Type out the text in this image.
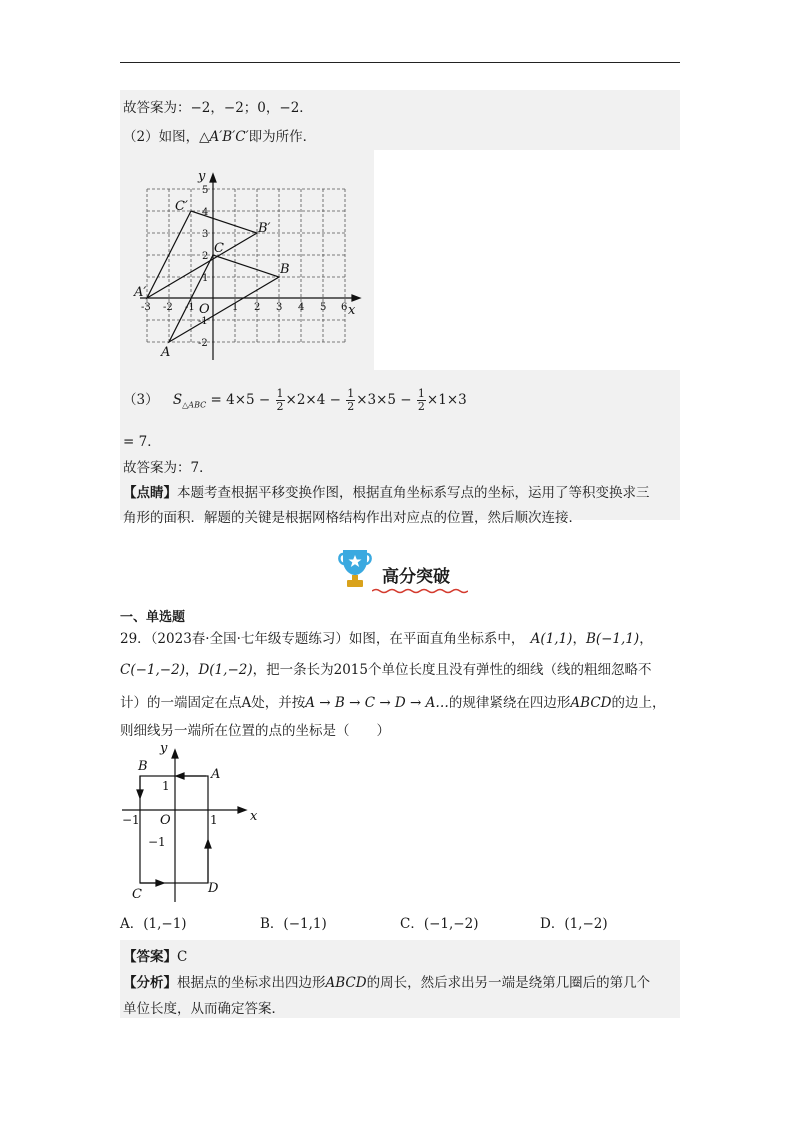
故答案为：−2，−2；0，−2．
（2）如图，△A′B′C′即为所作．
-3 -2 -1	1 2 3 4 5 6
5
4
3
2
1
-1
-2
y
x
O
A
B
C
A′
B′
C′
（3） $S_{\triangle ABC} = 4\times 5 - \frac{1}{2} \times 2\times 4 - \frac{1}{2} \times 3\times 5 - \frac{1}{2} \times 1\times 3$
= 7．
故答案为：7．
【点睛】本题考查根据平移变换作图，根据直角坐标系写点的坐标，运用了等积变换求三
角形的面积．解题的关键是根据网格结构作出对应点的位置，然后顺次连接．
高分突破
一、单选题
29．（2023春·全国·七年级专题练习）如图，在平面直角坐标系中， A(1,1)，B(−1,1)，
C(−1,−2)，D(1,−2)，把一条长为2015个单位长度且没有弹性的细线（线的粗细忽略不
计）的一端固定在点A处，并按A → B → C → D → A…的规律紧绕在四边形ABCD的边上，
则细线另一端所在位置的点的坐标是（　　）
y
x
O
A
B
C	D
−1	1
1
−1
A．(1,−1)	B．(−1,1)	C．(−1,−2)	D．(1,−2)
【答案】C
【分析】根据点的坐标求出四边形ABCD的周长，然后求出另一端是绕第几圈后的第几个
单位长度，从而确定答案．
